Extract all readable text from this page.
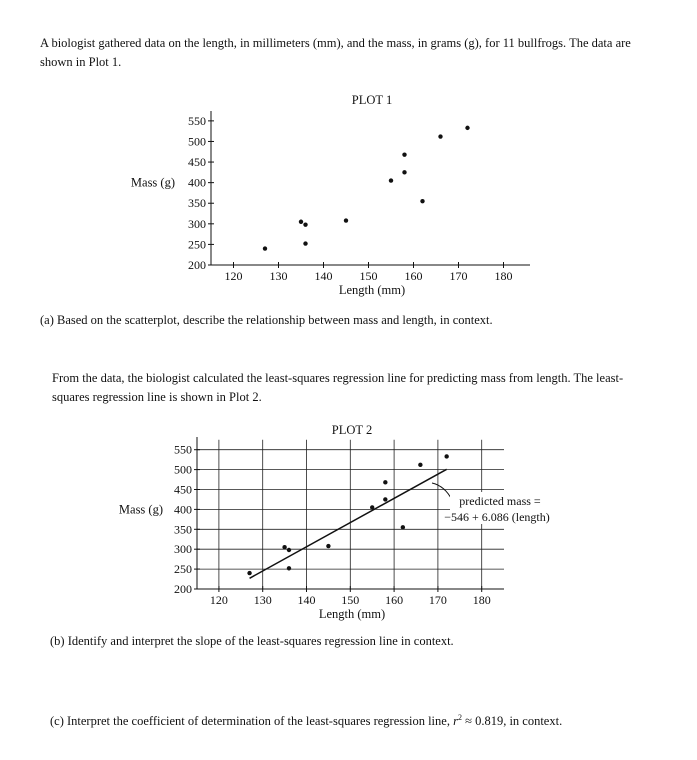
A biologist gathered data on the length, in millimeters (mm), and the mass, in grams (g), for 11 bullfrogs. The data are shown in Plot 1.

120 130 140 150 160 170 180
200
250
300
350
400
450
500
550
PLOT 1
Length (mm)
Mass (g)

(a) Based on the scatterplot, describe the relationship between mass and length, in context.

From the data, the biologist calculated the least-squares regression line for predicting mass from length. The least-squares regression line is shown in Plot 2.

120 130 140 150 160 170 180
200
250
300
350
400
450
500
550
PLOT 2
Length (mm)
Mass (g)
predicted mass =
−546 + 6.086 (length)

(b) Identify and interpret the slope of the least-squares regression line in context.

(c) Interpret the coefficient of determination of the least-squares regression line, $r^2 \approx 0.819$, in context.
